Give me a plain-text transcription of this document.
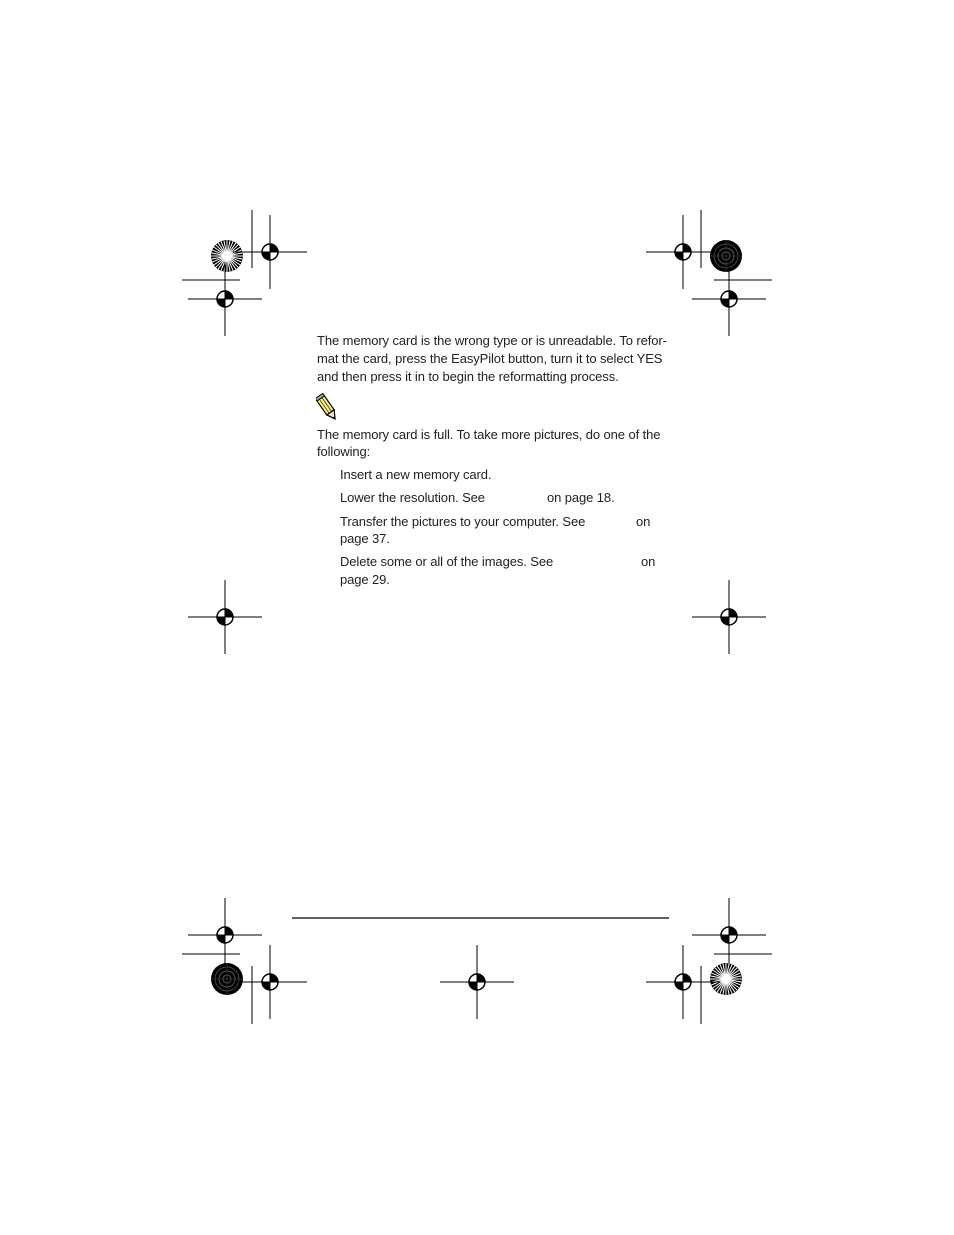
The memory card is the wrong type or is unreadable. To refor-
mat the card, press the EasyPilot button, turn it to select YES
and then press it in to begin the reformatting process.
The memory card is full. To take more pictures, do one of the
following:
Insert a new memory card.
Lower the resolution. See	on page 18.
Transfer the pictures to your computer. See	on
page 37.
Delete some or all of the images. See	on
page 29.
